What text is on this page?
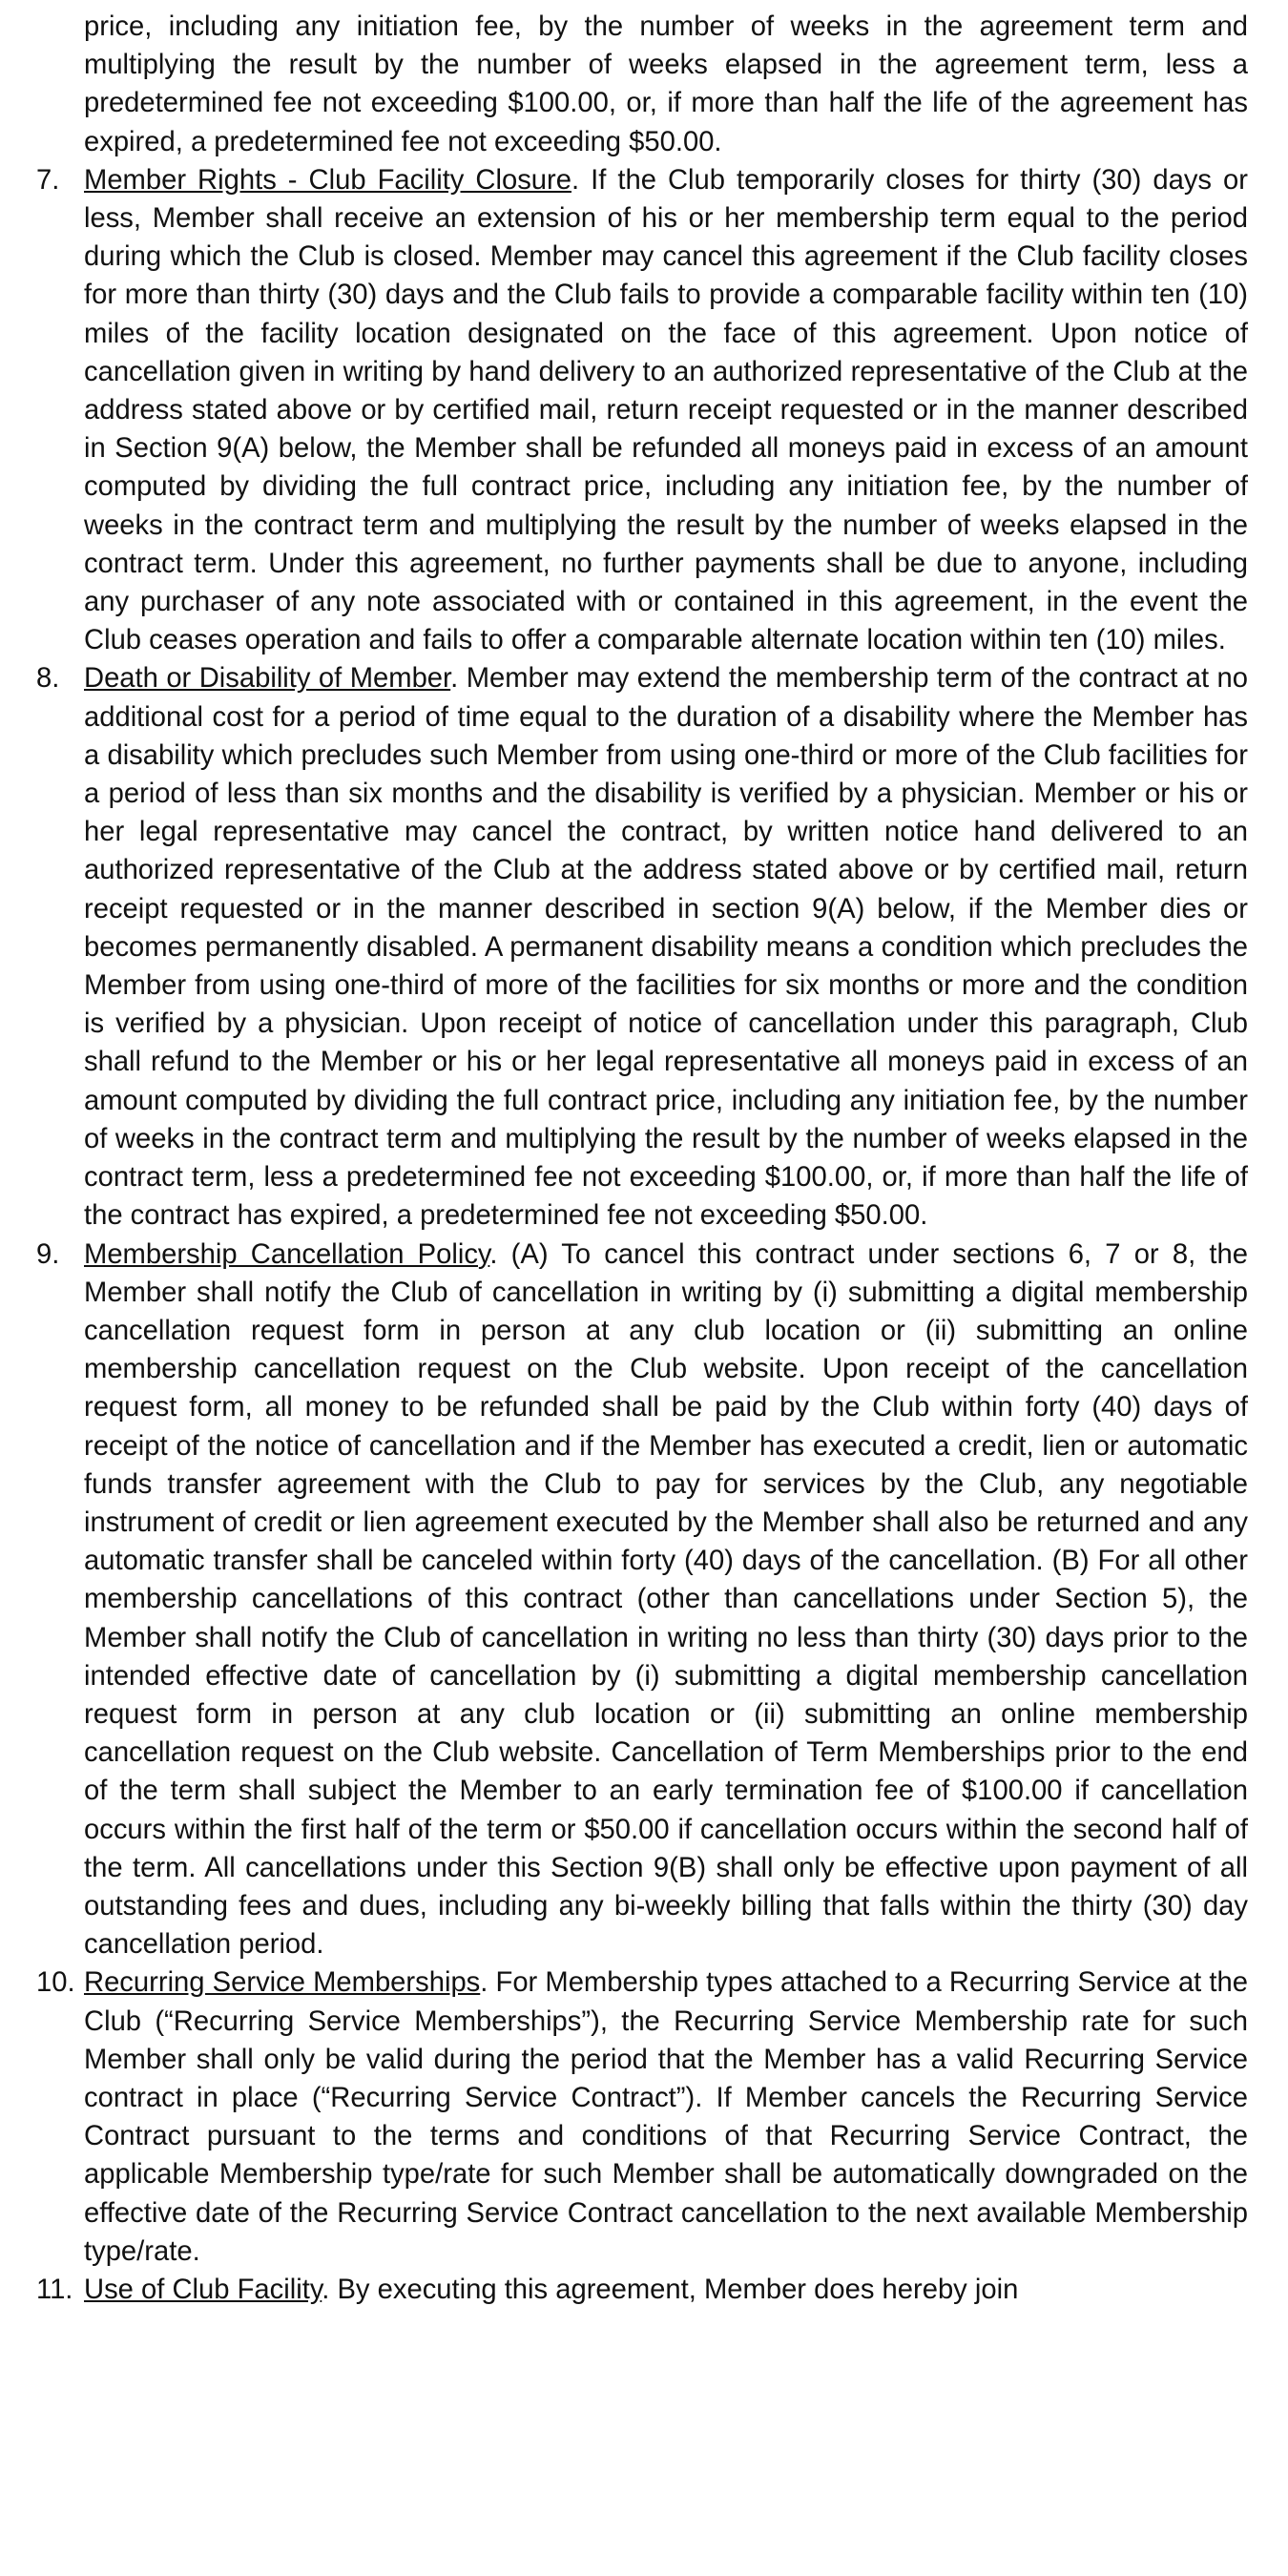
price, including any initiation fee, by the number of weeks in the agreement term and multiplying the result by the number of weeks elapsed in the agreement term, less a predetermined fee not exceeding $100.00, or, if more than half the life of the agreement has expired, a predetermined fee not exceeding $50.00.

7. Member Rights - Club Facility Closure. If the Club temporarily closes for thirty (30) days or less, Member shall receive an extension of his or her membership term equal to the period during which the Club is closed. Member may cancel this agreement if the Club facility closes for more than thirty (30) days and the Club fails to provide a comparable facility within ten (10) miles of the facility location designated on the face of this agreement. Upon notice of cancellation given in writing by hand delivery to an authorized representative of the Club at the address stated above or by certified mail, return receipt requested or in the manner described in Section 9(A) below, the Member shall be refunded all moneys paid in excess of an amount computed by dividing the full contract price, including any initiation fee, by the number of weeks in the contract term and multiplying the result by the number of weeks elapsed in the contract term. Under this agreement, no further payments shall be due to anyone, including any purchaser of any note associated with or contained in this agreement, in the event the Club ceases operation and fails to offer a comparable alternate location within ten (10) miles.

8. Death or Disability of Member. Member may extend the membership term of the contract at no additional cost for a period of time equal to the duration of a disability where the Member has a disability which precludes such Member from using one-third or more of the Club facilities for a period of less than six months and the disability is verified by a physician. Member or his or her legal representative may cancel the contract, by written notice hand delivered to an authorized representative of the Club at the address stated above or by certified mail, return receipt requested or in the manner described in section 9(A) below, if the Member dies or becomes permanently disabled. A permanent disability means a condition which precludes the Member from using one-third of more of the facilities for six months or more and the condition is verified by a physician. Upon receipt of notice of cancellation under this paragraph, Club shall refund to the Member or his or her legal representative all moneys paid in excess of an amount computed by dividing the full contract price, including any initiation fee, by the number of weeks in the contract term and multiplying the result by the number of weeks elapsed in the contract term, less a predetermined fee not exceeding $100.00, or, if more than half the life of the contract has expired, a predetermined fee not exceeding $50.00.

9. Membership Cancellation Policy. (A) To cancel this contract under sections 6, 7 or 8, the Member shall notify the Club of cancellation in writing by (i) submitting a digital membership cancellation request form in person at any club location or (ii) submitting an online membership cancellation request on the Club website. Upon receipt of the cancellation request form, all money to be refunded shall be paid by the Club within forty (40) days of receipt of the notice of cancellation and if the Member has executed a credit, lien or automatic funds transfer agreement with the Club to pay for services by the Club, any negotiable instrument of credit or lien agreement executed by the Member shall also be returned and any automatic transfer shall be canceled within forty (40) days of the cancellation. (B) For all other membership cancellations of this contract (other than cancellations under Section 5), the Member shall notify the Club of cancellation in writing no less than thirty (30) days prior to the intended effective date of cancellation by (i) submitting a digital membership cancellation request form in person at any club location or (ii) submitting an online membership cancellation request on the Club website. Cancellation of Term Memberships prior to the end of the term shall subject the Member to an early termination fee of $100.00 if cancellation occurs within the first half of the term or $50.00 if cancellation occurs within the second half of the term. All cancellations under this Section 9(B) shall only be effective upon payment of all outstanding fees and dues, including any bi-weekly billing that falls within the thirty (30) day cancellation period.

10. Recurring Service Memberships. For Membership types attached to a Recurring Service at the Club (“Recurring Service Memberships”), the Recurring Service Membership rate for such Member shall only be valid during the period that the Member has a valid Recurring Service contract in place (“Recurring Service Contract”). If Member cancels the Recurring Service Contract pursuant to the terms and conditions of that Recurring Service Contract, the applicable Membership type/rate for such Member shall be automatically downgraded on the effective date of the Recurring Service Contract cancellation to the next available Membership type/rate.

11. Use of Club Facility. By executing this agreement, Member does hereby join
